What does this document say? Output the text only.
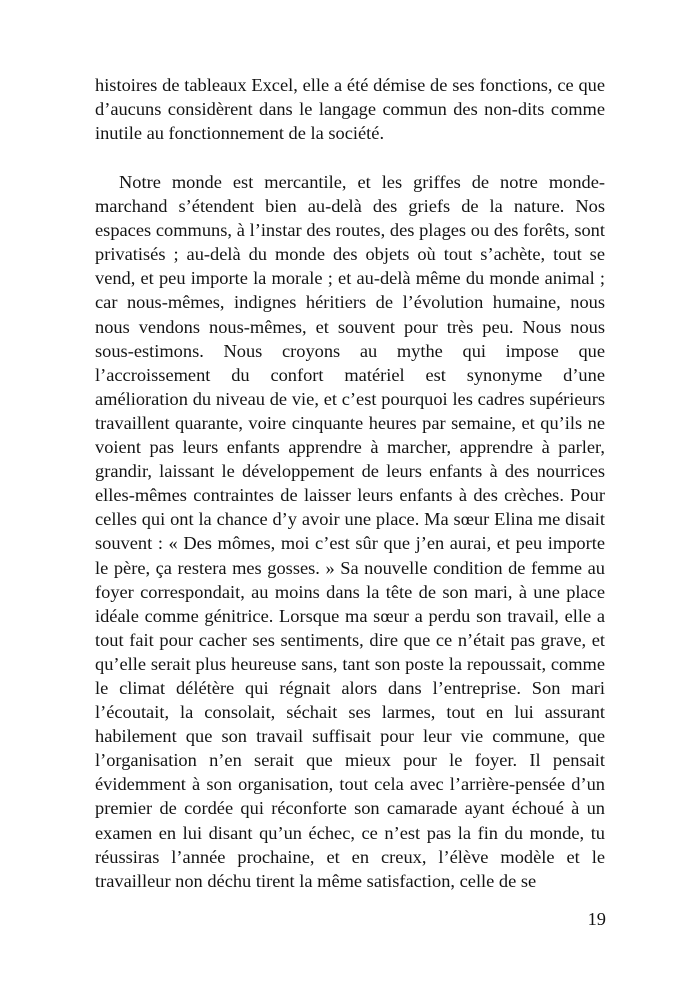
histoires de tableaux Excel, elle a été démise de ses fonctions, ce que d’aucuns considèrent dans le langage commun des non-dits comme inutile au fonctionnement de la société.

Notre monde est mercantile, et les griffes de notre monde-marchand s’étendent bien au-delà des griefs de la nature. Nos espaces communs, à l’instar des routes, des plages ou des forêts, sont privatisés ; au-delà du monde des objets où tout s’achète, tout se vend, et peu importe la morale ; et au-delà même du monde animal ; car nous-mêmes, indignes héritiers de l’évolution humaine, nous nous vendons nous-mêmes, et souvent pour très peu. Nous nous sous-estimons. Nous croyons au mythe qui impose que l’accroissement du confort matériel est synonyme d’une amélioration du niveau de vie, et c’est pourquoi les cadres supérieurs travaillent quarante, voire cinquante heures par semaine, et qu’ils ne voient pas leurs enfants apprendre à marcher, apprendre à parler, grandir, laissant le développement de leurs enfants à des nourrices elles-mêmes contraintes de laisser leurs enfants à des crèches. Pour celles qui ont la chance d’y avoir une place. Ma sœur Elina me disait souvent : « Des mômes, moi c’est sûr que j’en aurai, et peu importe le père, ça restera mes gosses. » Sa nouvelle condition de femme au foyer correspondait, au moins dans la tête de son mari, à une place idéale comme génitrice. Lorsque ma sœur a perdu son travail, elle a tout fait pour cacher ses sentiments, dire que ce n’était pas grave, et qu’elle serait plus heureuse sans, tant son poste la repoussait, comme le climat délétère qui régnait alors dans l’entreprise. Son mari l’écoutait, la consolait, séchait ses larmes, tout en lui assurant habilement que son travail suffisait pour leur vie commune, que l’organisation n’en serait que mieux pour le foyer. Il pensait évidemment à son organisation, tout cela avec l’arrière-pensée d’un premier de cordée qui réconforte son camarade ayant échoué à un examen en lui disant qu’un échec, ce n’est pas la fin du monde, tu réussiras l’année prochaine, et en creux, l’élève modèle et le travailleur non déchu tirent la même satisfaction, celle de se

19
